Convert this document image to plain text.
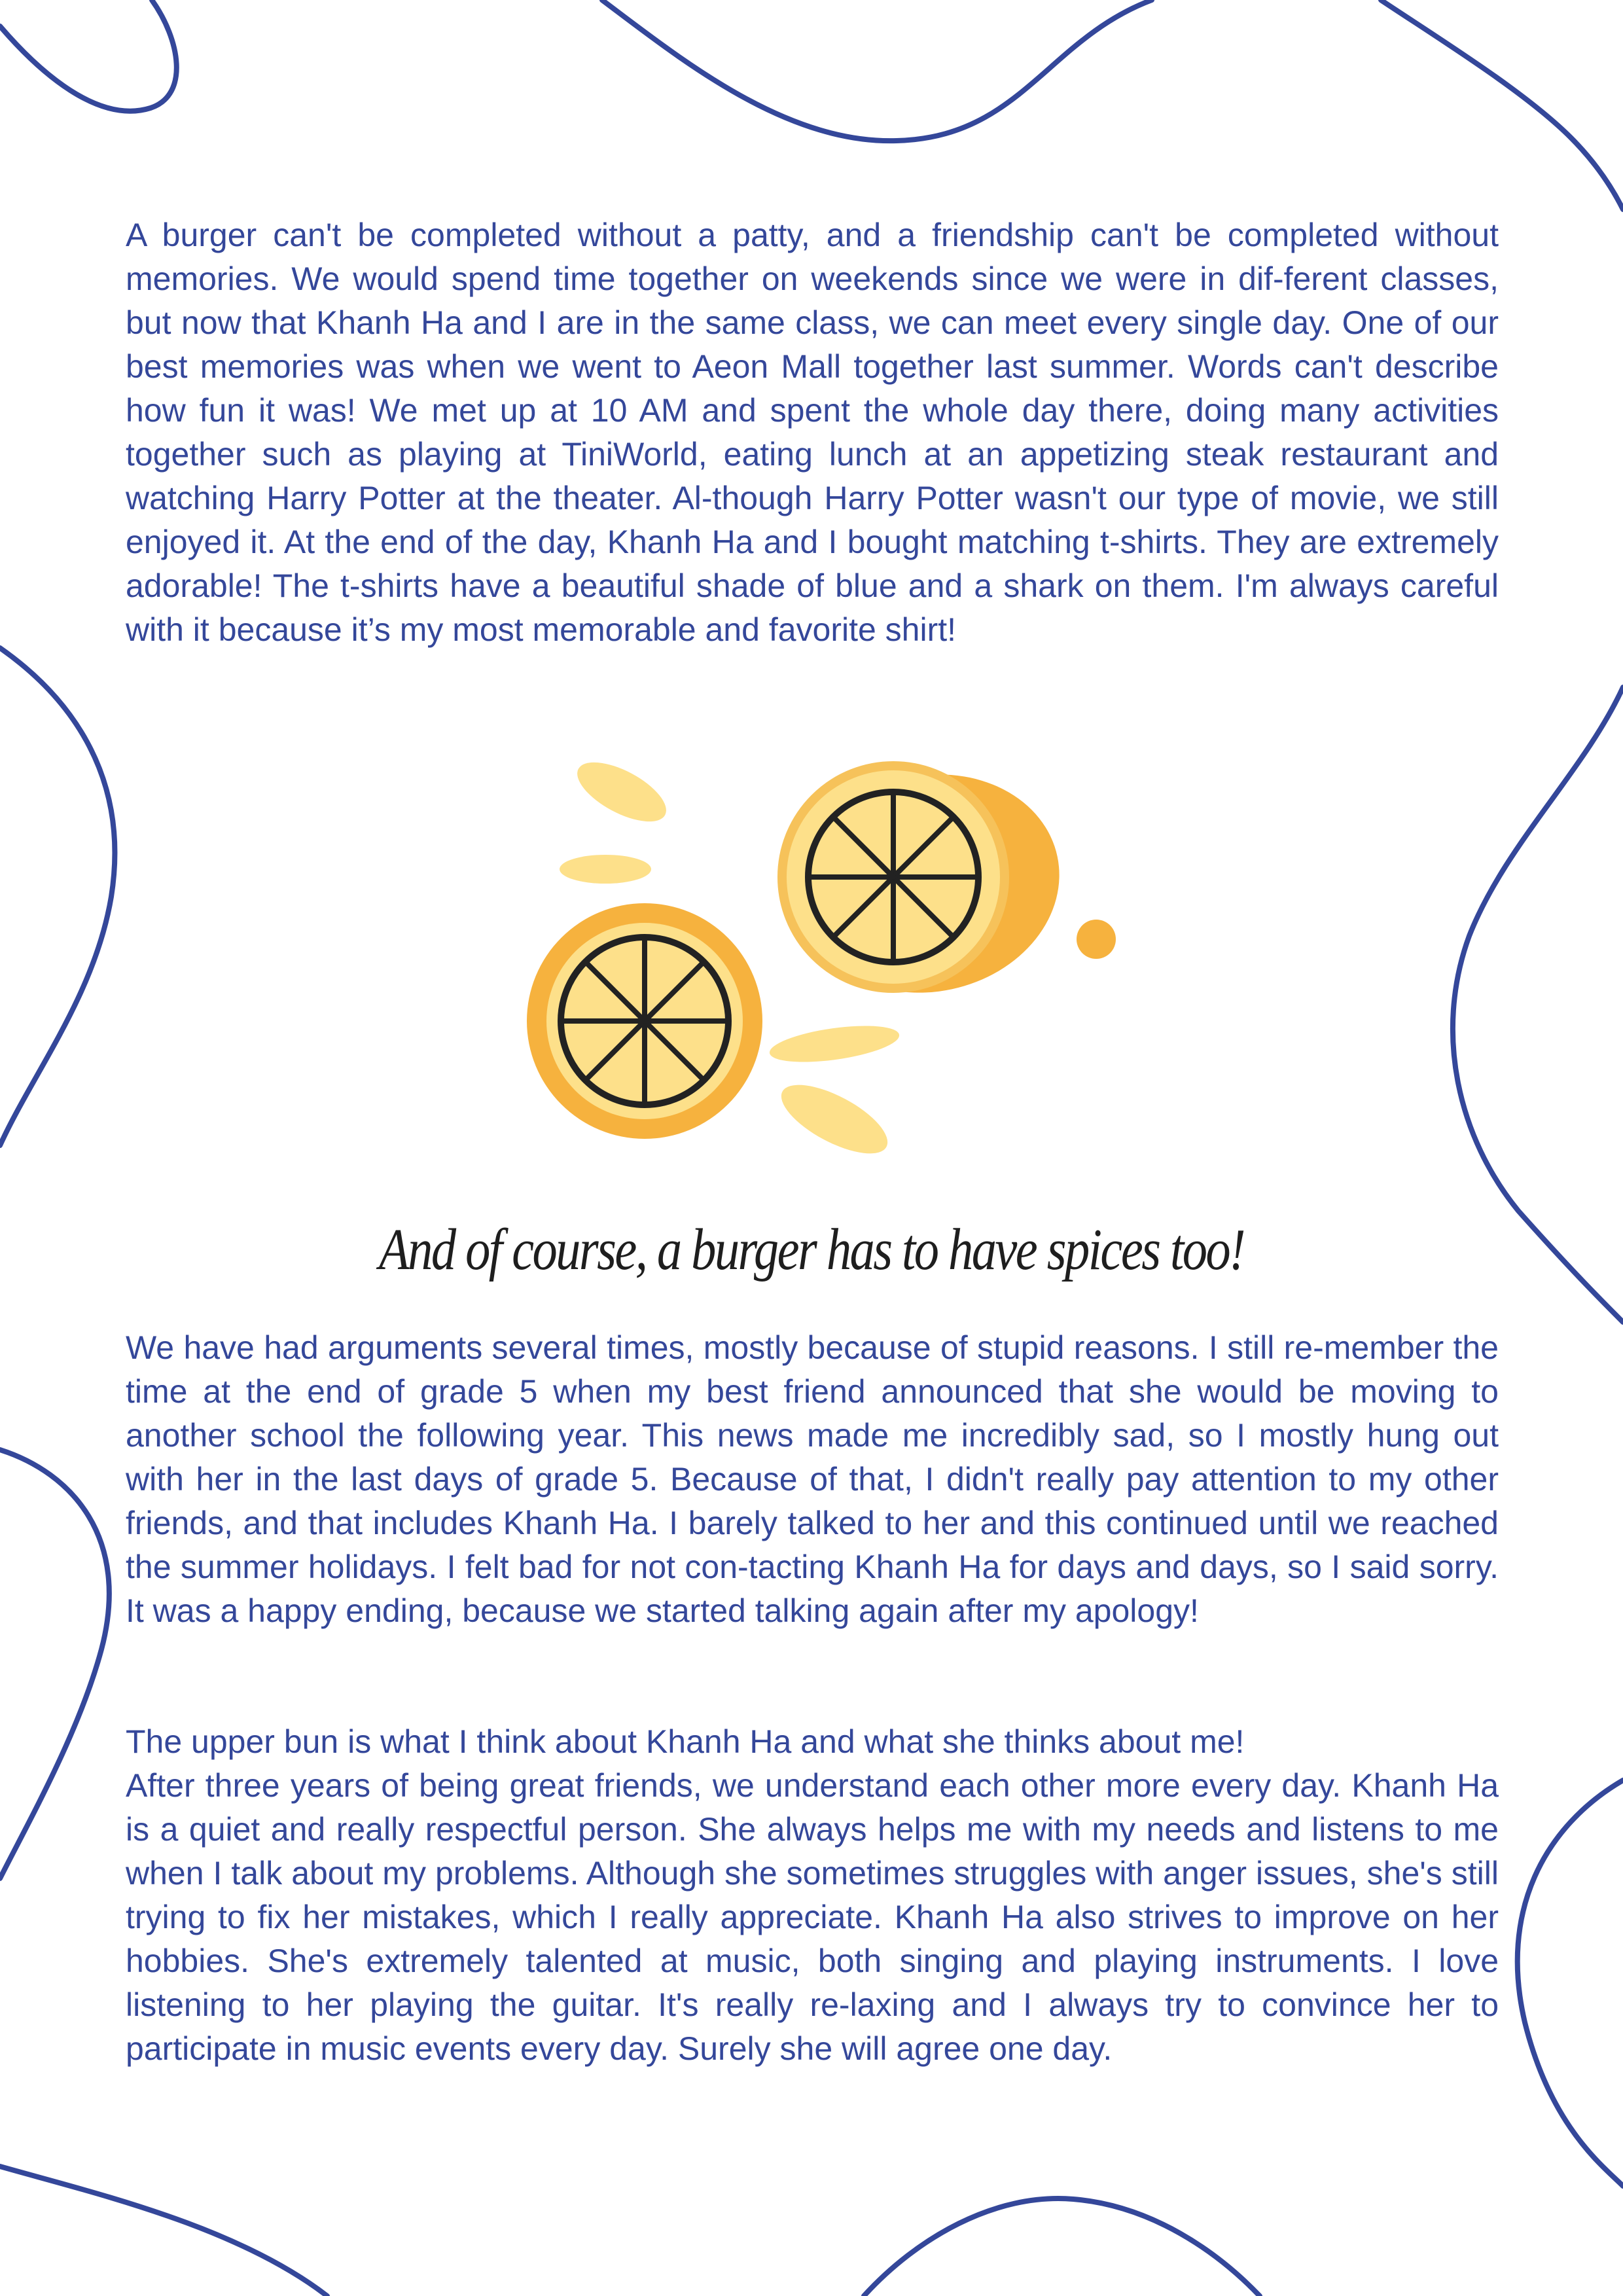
A burger can't be completed without a patty, and a friendship can't be completed without memories. We would spend time together on weekends since we were in dif-ferent classes, but now that Khanh Ha and I are in the same class, we can meet every single day. One of our best memories was when we went to Aeon Mall together last summer. Words can't describe how fun it was! We met up at 10 AM and spent the whole day there, doing many activities together such as playing at TiniWorld, eating lunch at an appetizing steak restaurant and watching Harry Potter at the theater. Al-though Harry Potter wasn't our type of movie, we still enjoyed it. At the end of the day, Khanh Ha and I bought matching t-shirts. They are extremely adorable! The t-shirts have a beautiful shade of blue and a shark on them. I'm always careful with it because it’s my most memorable and favorite shirt!

And of course, a burger has to have spices too!

We have had arguments several times, mostly because of stupid reasons. I still re-member the time at the end of grade 5 when my best friend announced that she would be moving to another school the following year. This news made me incredibly sad, so I mostly hung out with her in the last days of grade 5. Because of that, I didn't really pay attention to my other friends, and that includes Khanh Ha. I barely talked to her and this continued until we reached the summer holidays. I felt bad for not con-tacting Khanh Ha for days and days, so I said sorry. It was a happy ending, because we started talking again after my apology!

The upper bun is what I think about Khanh Ha and what she thinks about me!
After three years of being great friends, we understand each other more every day. Khanh Ha is a quiet and really respectful person. She always helps me with my needs and listens to me when I talk about my problems. Although she sometimes struggles with anger issues, she's still trying to fix her mistakes, which I really appreciate. Khanh Ha also strives to improve on her hobbies. She's extremely talented at music, both singing and playing instruments. I love listening to her playing the guitar. It's really re-laxing and I always try to convince her to participate in music events every day. Surely she will agree one day.
